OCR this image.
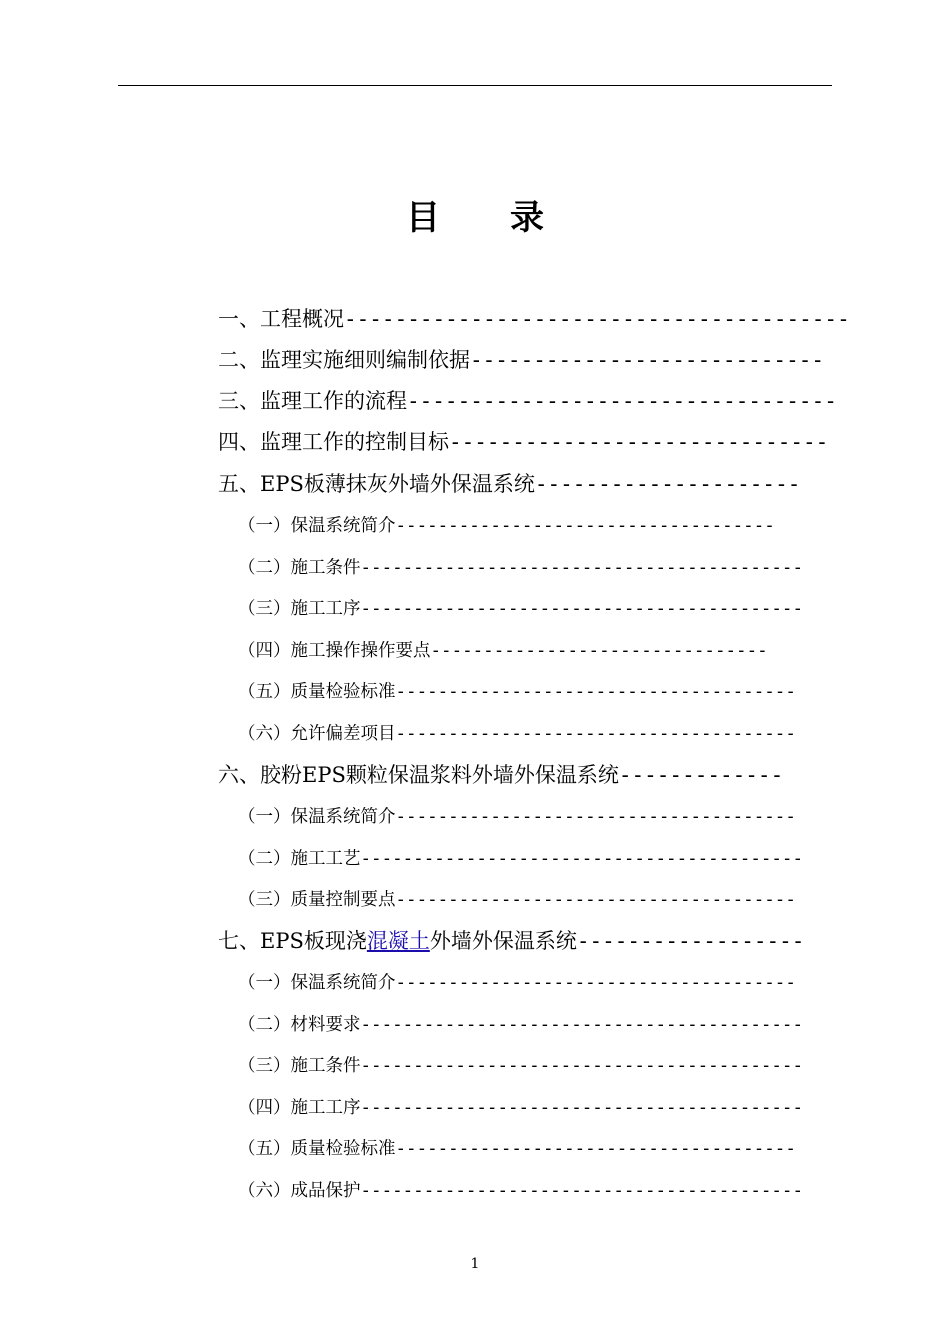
目 录
一、工程概况----------------------------------------
二、监理实施细则编制依据----------------------------
三、监理工作的流程----------------------------------
四、监理工作的控制目标------------------------------
五、EPS板薄抹灰外墙外保温系统---------------------
（一）保温系统简介------------------------------------
（二）施工条件------------------------------------------
（三）施工工序------------------------------------------
（四）施工操作操作要点--------------------------------
（五）质量检验标准--------------------------------------
（六）允许偏差项目--------------------------------------
六、胶粉EPS颗粒保温浆料外墙外保温系统-------------
（一）保温系统简介--------------------------------------
（二）施工工艺------------------------------------------
（三）质量控制要点--------------------------------------
七、EPS板现浇混凝土外墙外保温系统------------------
（一）保温系统简介--------------------------------------
（二）材料要求------------------------------------------
（三）施工条件------------------------------------------
（四）施工工序------------------------------------------
（五）质量检验标准--------------------------------------
（六）成品保护------------------------------------------
1
